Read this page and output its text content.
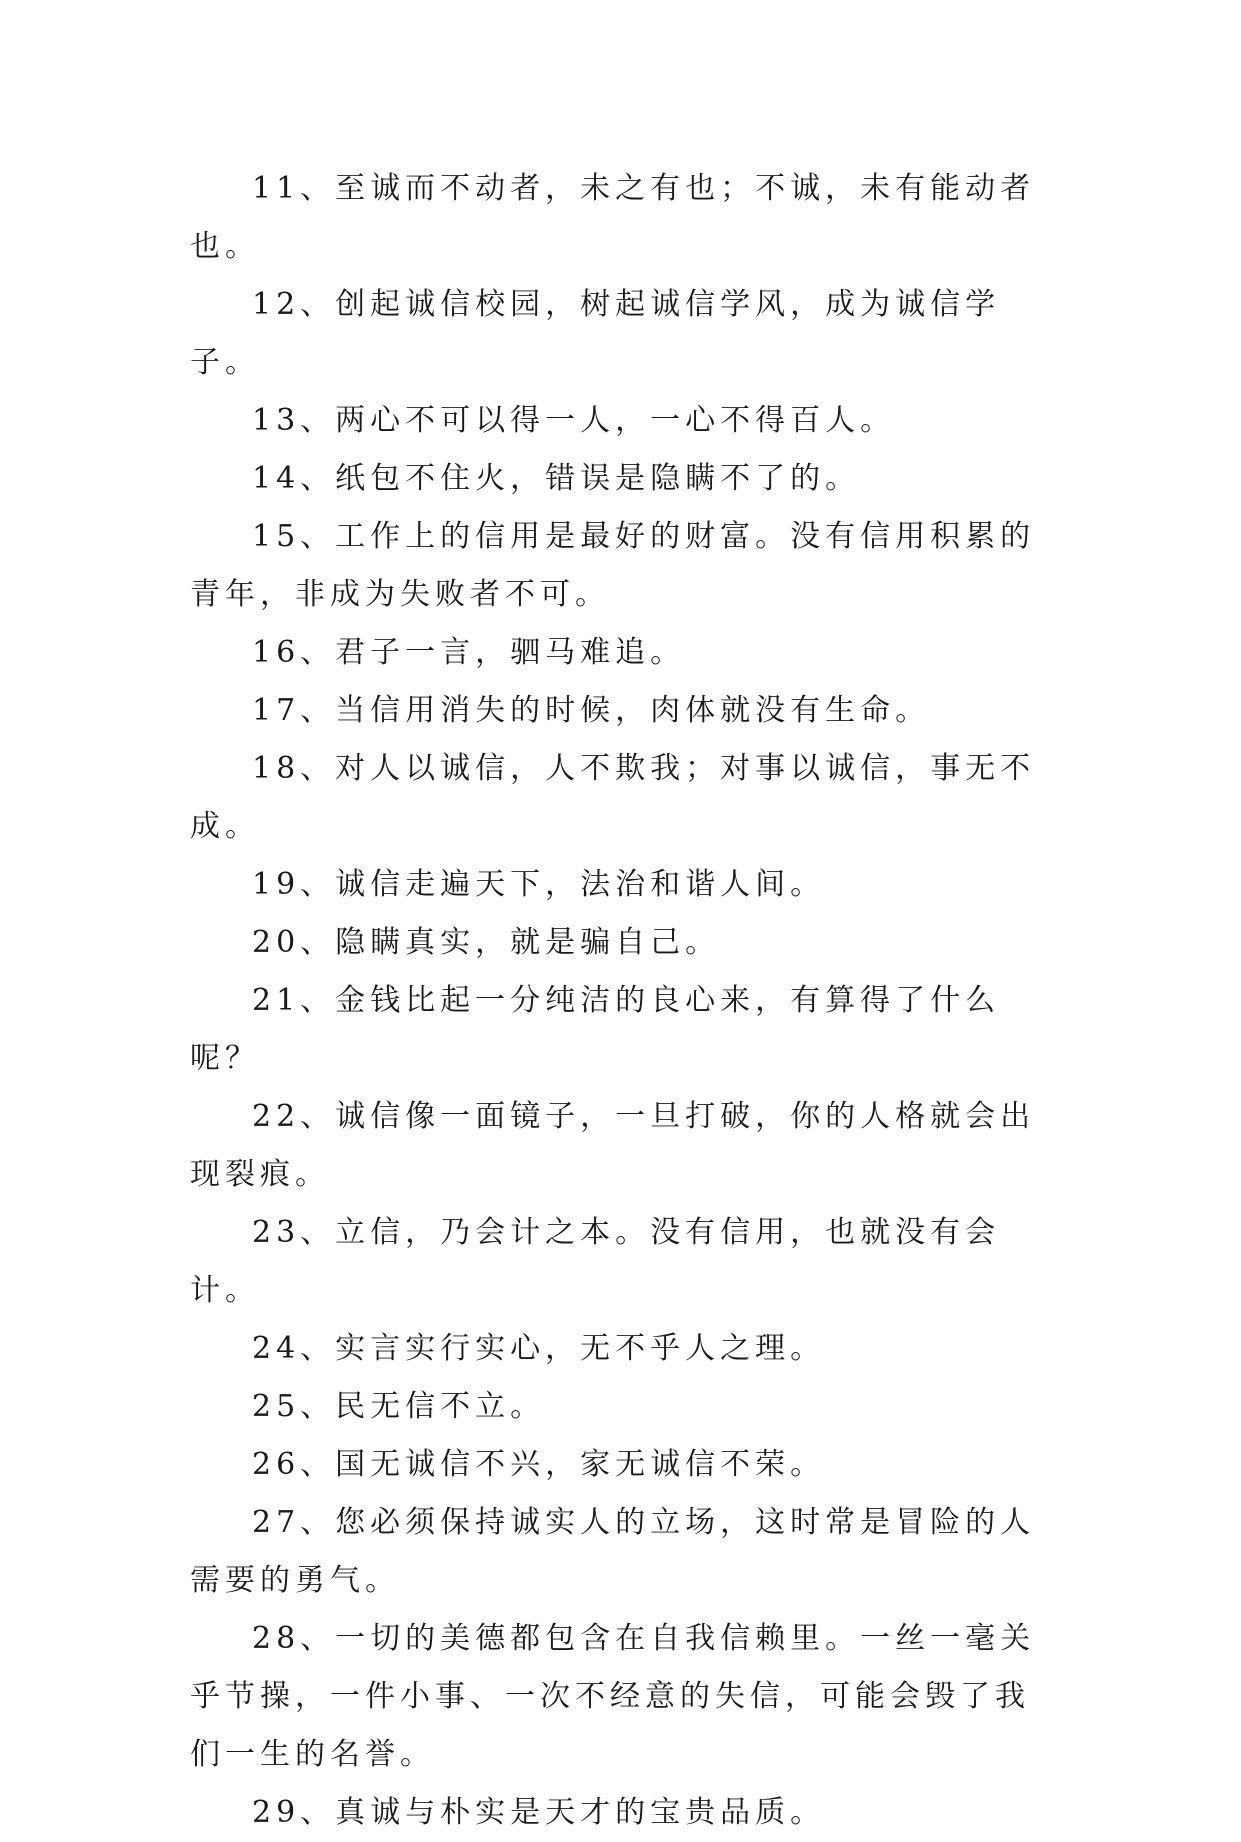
11、至诚而不动者，未之有也；不诚，未有能动者也。

12、创起诚信校园，树起诚信学风，成为诚信学子。

13、两心不可以得一人，一心不得百人。

14、纸包不住火，错误是隐瞒不了的。

15、工作上的信用是最好的财富。没有信用积累的青年，非成为失败者不可。

16、君子一言，驷马难追。

17、当信用消失的时候，肉体就没有生命。

18、对人以诚信，人不欺我；对事以诚信，事无不成。

19、诚信走遍天下，法治和谐人间。

20、隐瞒真实，就是骗自己。

21、金钱比起一分纯洁的良心来，有算得了什么呢？

22、诚信像一面镜子，一旦打破，你的人格就会出现裂痕。

23、立信，乃会计之本。没有信用，也就没有会计。

24、实言实行实心，无不乎人之理。

25、民无信不立。

26、国无诚信不兴，家无诚信不荣。

27、您必须保持诚实人的立场，这时常是冒险的人需要的勇气。

28、一切的美德都包含在自我信赖里。一丝一毫关乎节操，一件小事、一次不经意的失信，可能会毁了我们一生的名誉。

29、真诚与朴实是天才的宝贵品质。
